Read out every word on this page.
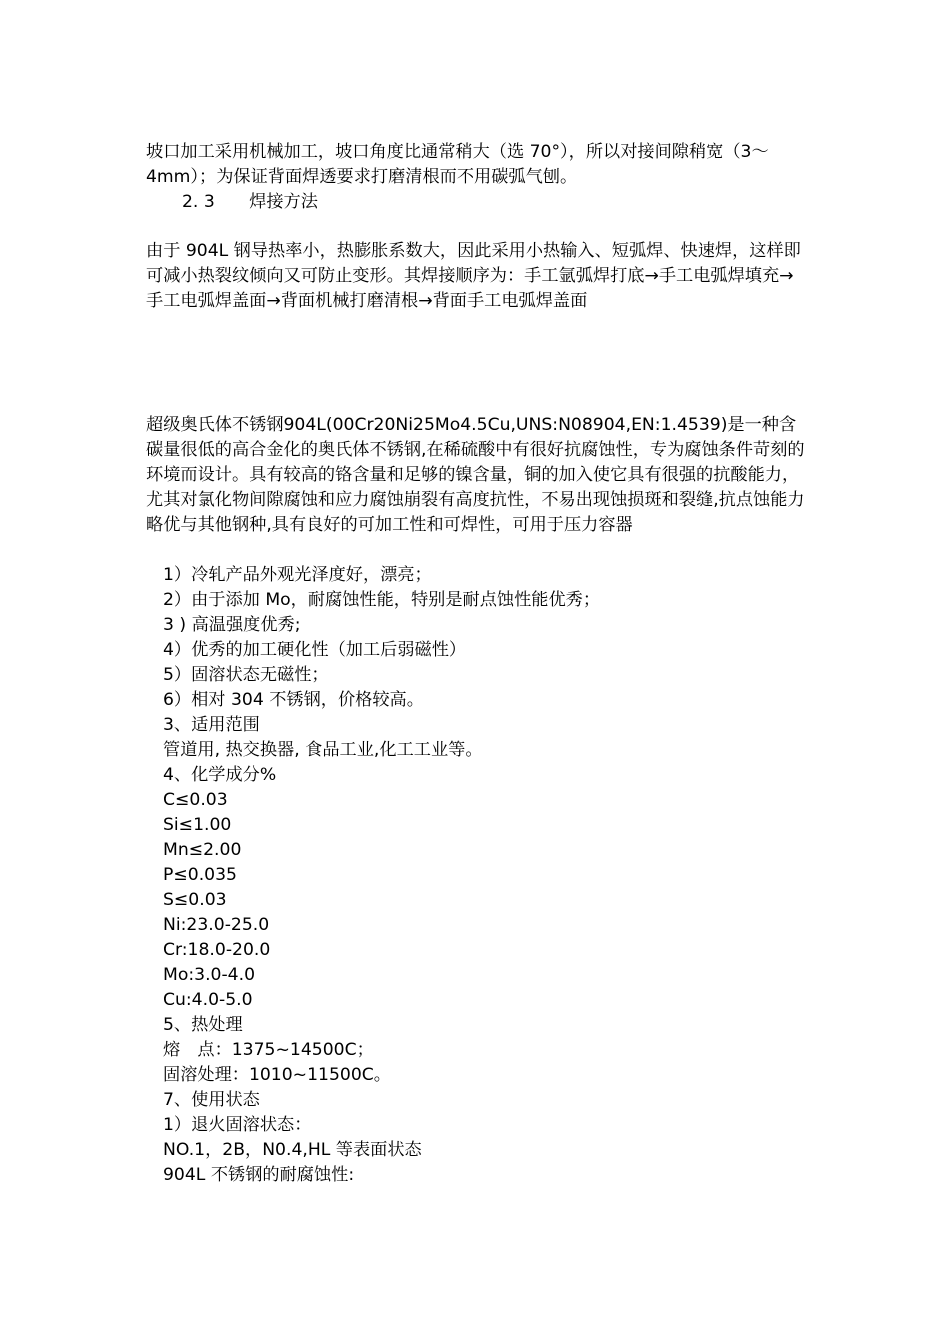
坡口加工采用机械加工，坡口角度比通常稍大（选 70°），所以对接间隙稍宽（3～4mm）；为保证背面焊透要求打磨清根而不用碳弧气刨。

2. 3　　焊接方法

由于 904L 钢导热率小，热膨胀系数大，因此采用小热输入、短弧焊、快速焊，这样即可减小热裂纹倾向又可防止变形。其焊接顺序为：手工氩弧焊打底→手工电弧焊填充→手工电弧焊盖面→背面机械打磨清根→背面手工电弧焊盖面

超级奥氏体不锈钢904L(00Cr20Ni25Mo4.5Cu,UNS:N08904,EN:1.4539)是一种含碳量很低的高合金化的奥氏体不锈钢,在稀硫酸中有很好抗腐蚀性，专为腐蚀条件苛刻的环境而设计。具有较高的铬含量和足够的镍含量，铜的加入使它具有很强的抗酸能力，尤其对氯化物间隙腐蚀和应力腐蚀崩裂有高度抗性，不易出现蚀损斑和裂缝,抗点蚀能力略优与其他钢种,具有良好的可加工性和可焊性，可用于压力容器

1）冷轧产品外观光泽度好，漂亮；

2）由于添加 Mo，耐腐蚀性能，特别是耐点蚀性能优秀；

3 ) 高温强度优秀;

4）优秀的加工硬化性（加工后弱磁性）

5）固溶状态无磁性；

6）相对 304 不锈钢，价格较高。

3、适用范围

管道用, 热交换器, 食品工业,化工工业等。

4、化学成分%

C≤0.03

Si≤1.00

Mn≤2.00

P≤0.035

S≤0.03

Ni:23.0-25.0

Cr:18.0-20.0

Mo:3.0-4.0

Cu:4.0-5.0

5、热处理

熔　点：1375~14500C；

固溶处理：1010~11500C。

7、使用状态

1）退火固溶状态：

NO.1，2B，N0.4,HL 等表面状态

904L 不锈钢的耐腐蚀性:
